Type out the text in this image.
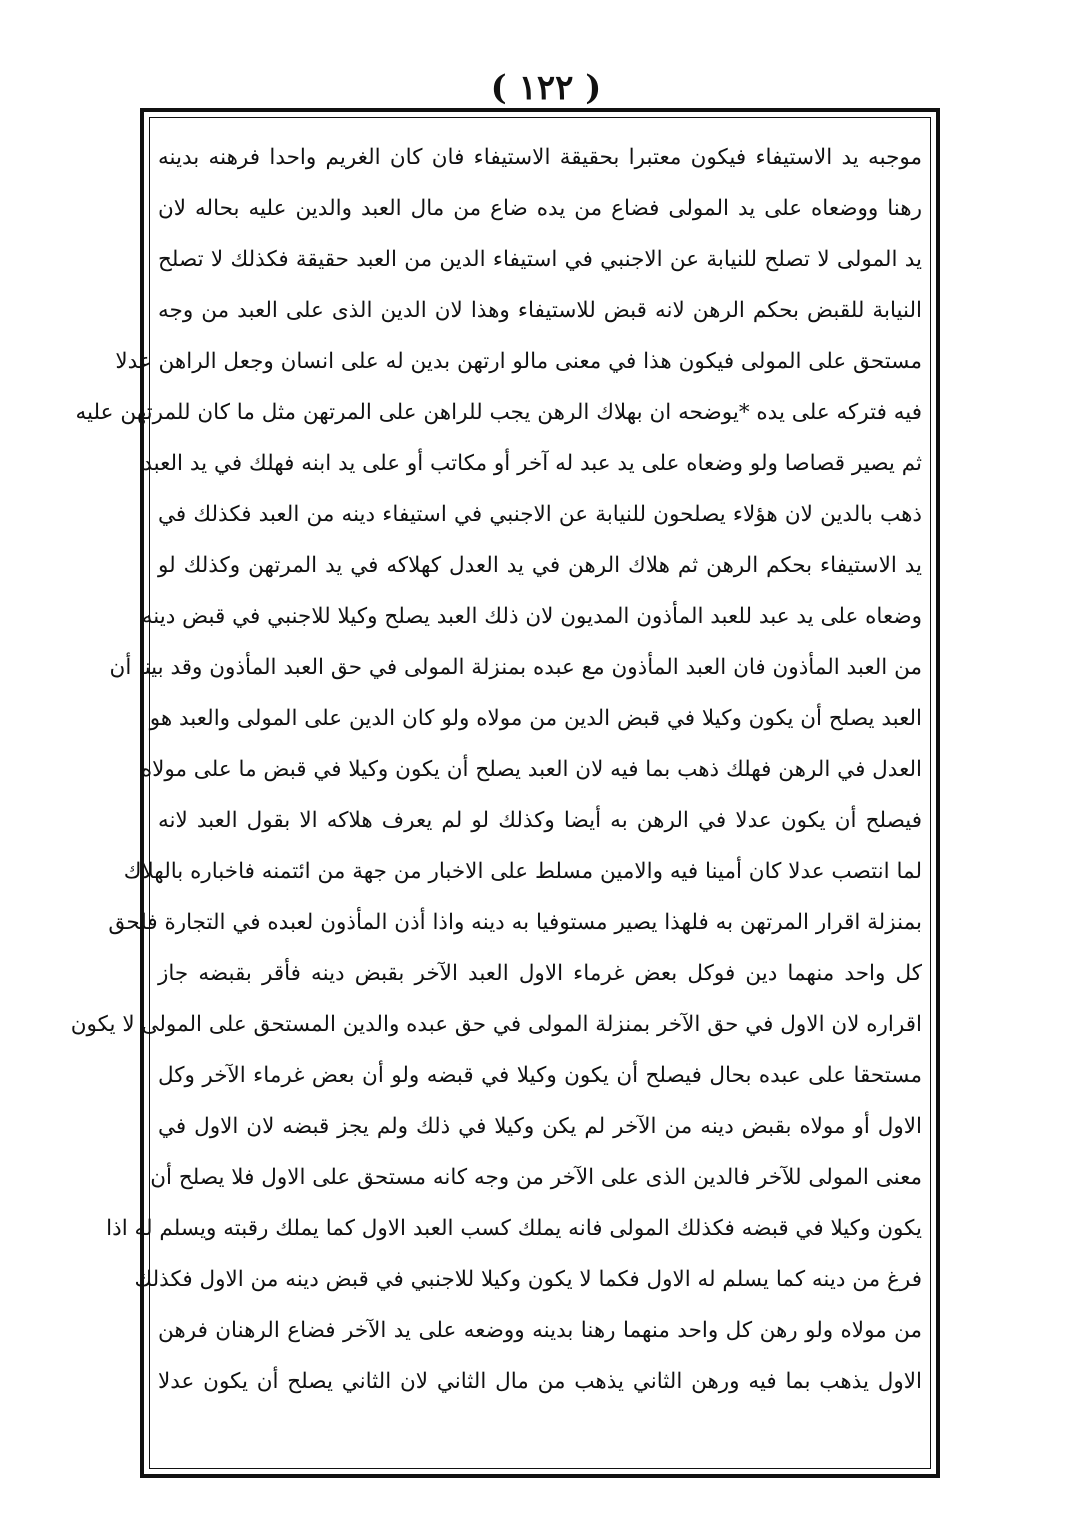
( ١٢٢ )
موجبه يد الاستيفاء فيكون معتبرا بحقيقة الاستيفاء فان كان الغريم واحدا فرهنه بدينه
رهنا ووضعاه على يد المولى فضاع من يده ضاع من مال العبد والدين عليه بحاله لان
يد المولى لا تصلح للنيابة عن الاجنبي في استيفاء الدين من العبد حقيقة فكذلك لا تصلح
النيابة للقبض بحكم الرهن لانه قبض للاستيفاء وهذا لان الدين الذى على العبد من وجه
مستحق على المولى فيكون هذا في معنى مالو ارتهن بدين له على انسان وجعل الراهن عدلا
فيه فتركه على يده *يوضحه ان بهلاك الرهن يجب للراهن على المرتهن مثل ما كان للمرتهن عليه
ثم يصير قصاصا ولو وضعاه على يد عبد له آخر أو مكاتب أو على يد ابنه فهلك في يد العبد
ذهب بالدين لان هؤلاء يصلحون للنيابة عن الاجنبي في استيفاء دينه من العبد فكذلك في
يد الاستيفاء بحكم الرهن ثم هلاك الرهن في يد العدل كهلاكه في يد المرتهن وكذلك لو
وضعاه على يد عبد للعبد المأذون المديون لان ذلك العبد يصلح وكيلا للاجنبي في قبض دينه
من العبد المأذون فان العبد المأذون مع عبده بمنزلة المولى في حق العبد المأذون وقد بينا أن
العبد يصلح أن يكون وكيلا في قبض الدين من مولاه ولو كان الدين على المولى والعبد هو
العدل في الرهن فهلك ذهب بما فيه لان العبد يصلح أن يكون وكيلا في قبض ما على مولاه
فيصلح أن يكون عدلا في الرهن به أيضا وكذلك لو لم يعرف هلاكه الا بقول العبد لانه
لما انتصب عدلا كان أمينا فيه والامين مسلط على الاخبار من جهة من ائتمنه فاخباره بالهلاك
بمنزلة اقرار المرتهن به فلهذا يصير مستوفيا به دينه واذا أذن المأذون لعبده في التجارة فلحق
كل واحد منهما دين فوكل بعض غرماء الاول العبد الآخر بقبض دينه فأقر بقبضه جاز
اقراره لان الاول في حق الآخر بمنزلة المولى في حق عبده والدين المستحق على المولى لا يكون
مستحقا على عبده بحال فيصلح أن يكون وكيلا في قبضه ولو أن بعض غرماء الآخر وكل
الاول أو مولاه بقبض دينه من الآخر لم يكن وكيلا في ذلك ولم يجز قبضه لان الاول في
معنى المولى للآخر فالدين الذى على الآخر من وجه كانه مستحق على الاول فلا يصلح أن
يكون وكيلا في قبضه فكذلك المولى فانه يملك كسب العبد الاول كما يملك رقبته ويسلم له اذا
فرغ من دينه كما يسلم له الاول فكما لا يكون وكيلا للاجنبي في قبض دينه من الاول فكذلك
من مولاه ولو رهن كل واحد منهما رهنا بدينه ووضعه على يد الآخر فضاع الرهنان فرهن
الاول يذهب بما فيه ورهن الثاني يذهب من مال الثاني لان الثاني يصلح أن يكون عدلا
